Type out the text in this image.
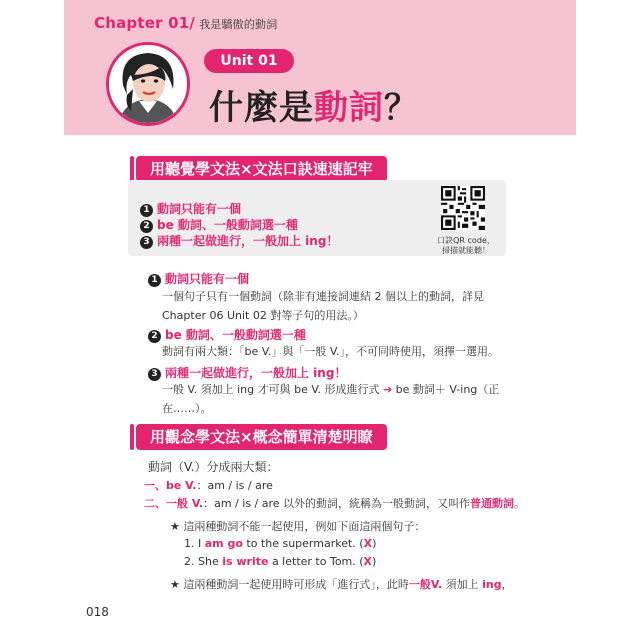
Chapter 01/ 我是驕傲的動詞
Unit 01
什麼是動詞？
用聽覺學文法×文法口訣速速記牢
1 動詞只能有一個
2 be 動詞、一般動詞選一種
3 兩種一起做進行，一般加上 ing！	口訣QR code，
掃描就能聽！
1 動詞只能有一個
一個句子只有一個動詞（除非有連接詞連結 2 個以上的動詞，詳見
Chapter 06 Unit 02 對等子句的用法。）
2 be 動詞、一般動詞選一種
動詞有兩大類：「be V.」與「一般 V.」，不可同時使用，須擇一選用。
3 兩種一起做進行，一般加上 ing！
一般 V. 須加上 ing 才可與 be V. 形成進行式 ➔ be 動詞＋ V-ing（正
在……）。
用觀念學文法×概念簡單清楚明瞭
動詞（V.）分成兩大類：
一、be V.：am / is / are
二、一般 V.：am / is / are 以外的動詞，統稱為一般動詞，又叫作普通動詞。
★ 這兩種動詞不能一起使用，例如下面這兩個句子：
1. I am go to the supermarket. (X)
2. She is write a letter to Tom. (X)
★ 這兩種動詞一起使用時可形成「進行式」，此時一般V. 須加上 ing，
018
